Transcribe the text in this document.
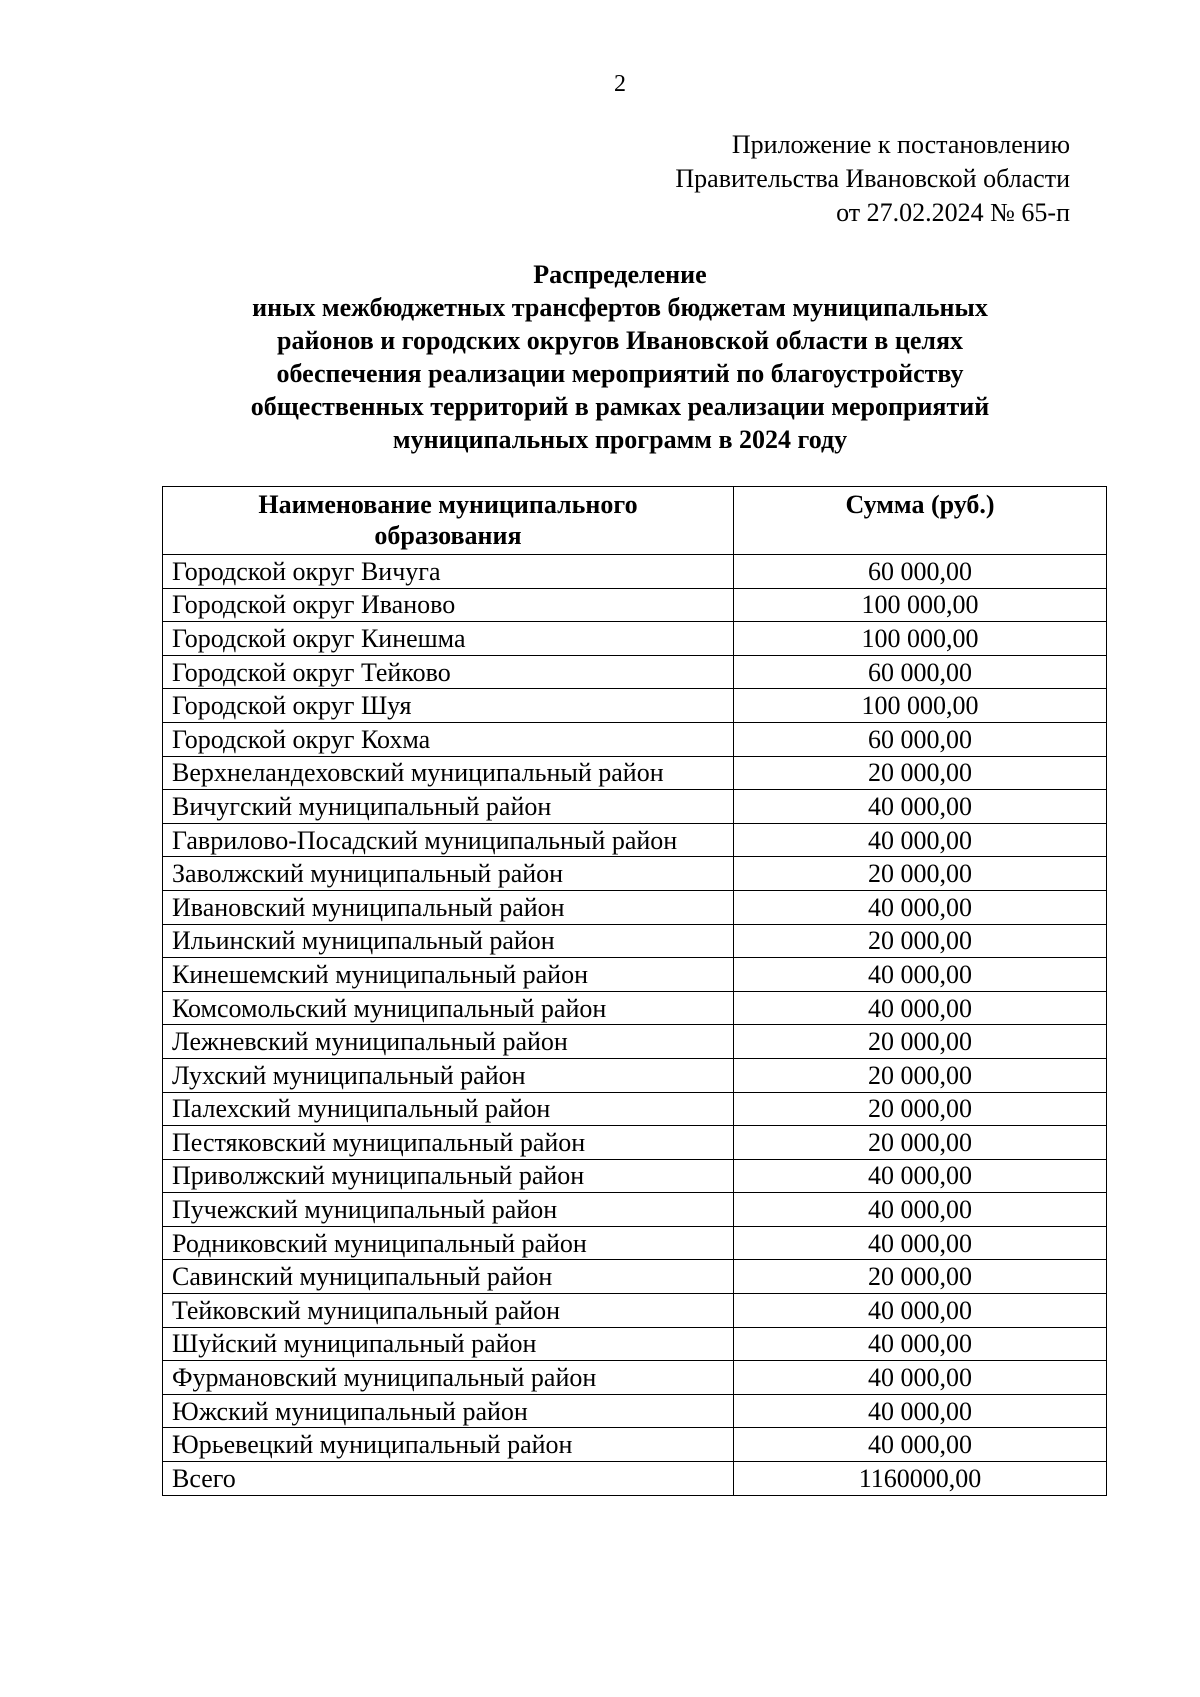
2
Приложение к постановлению
Правительства Ивановской области
от 27.02.2024 № 65-п
Распределение
иных межбюджетных трансфертов бюджетам муниципальных
районов и городских округов Ивановской области в целях
обеспечения реализации мероприятий по благоустройству
общественных территорий в рамках реализации мероприятий
муниципальных программ в 2024 году
Наименование муниципального
образования	Сумма (руб.)
Городской округ Вичуга	60 000,00
Городской округ Иваново	100 000,00
Городской округ Кинешма	100 000,00
Городской округ Тейково	60 000,00
Городской округ Шуя	100 000,00
Городской округ Кохма	60 000,00
Верхнеландеховский муниципальный район	20 000,00
Вичугский муниципальный район	40 000,00
Гаврилово-Посадский муниципальный район	40 000,00
Заволжский муниципальный район	20 000,00
Ивановский муниципальный район	40 000,00
Ильинский муниципальный район	20 000,00
Кинешемский муниципальный район	40 000,00
Комсомольский муниципальный район	40 000,00
Лежневский муниципальный район	20 000,00
Лухский муниципальный район	20 000,00
Палехский муниципальный район	20 000,00
Пестяковский муниципальный район	20 000,00
Приволжский муниципальный район	40 000,00
Пучежский муниципальный район	40 000,00
Родниковский муниципальный район	40 000,00
Савинский муниципальный район	20 000,00
Тейковский муниципальный район	40 000,00
Шуйский муниципальный район	40 000,00
Фурмановский муниципальный район	40 000,00
Южский муниципальный район	40 000,00
Юрьевецкий муниципальный район	40 000,00
Всего	1160000,00
